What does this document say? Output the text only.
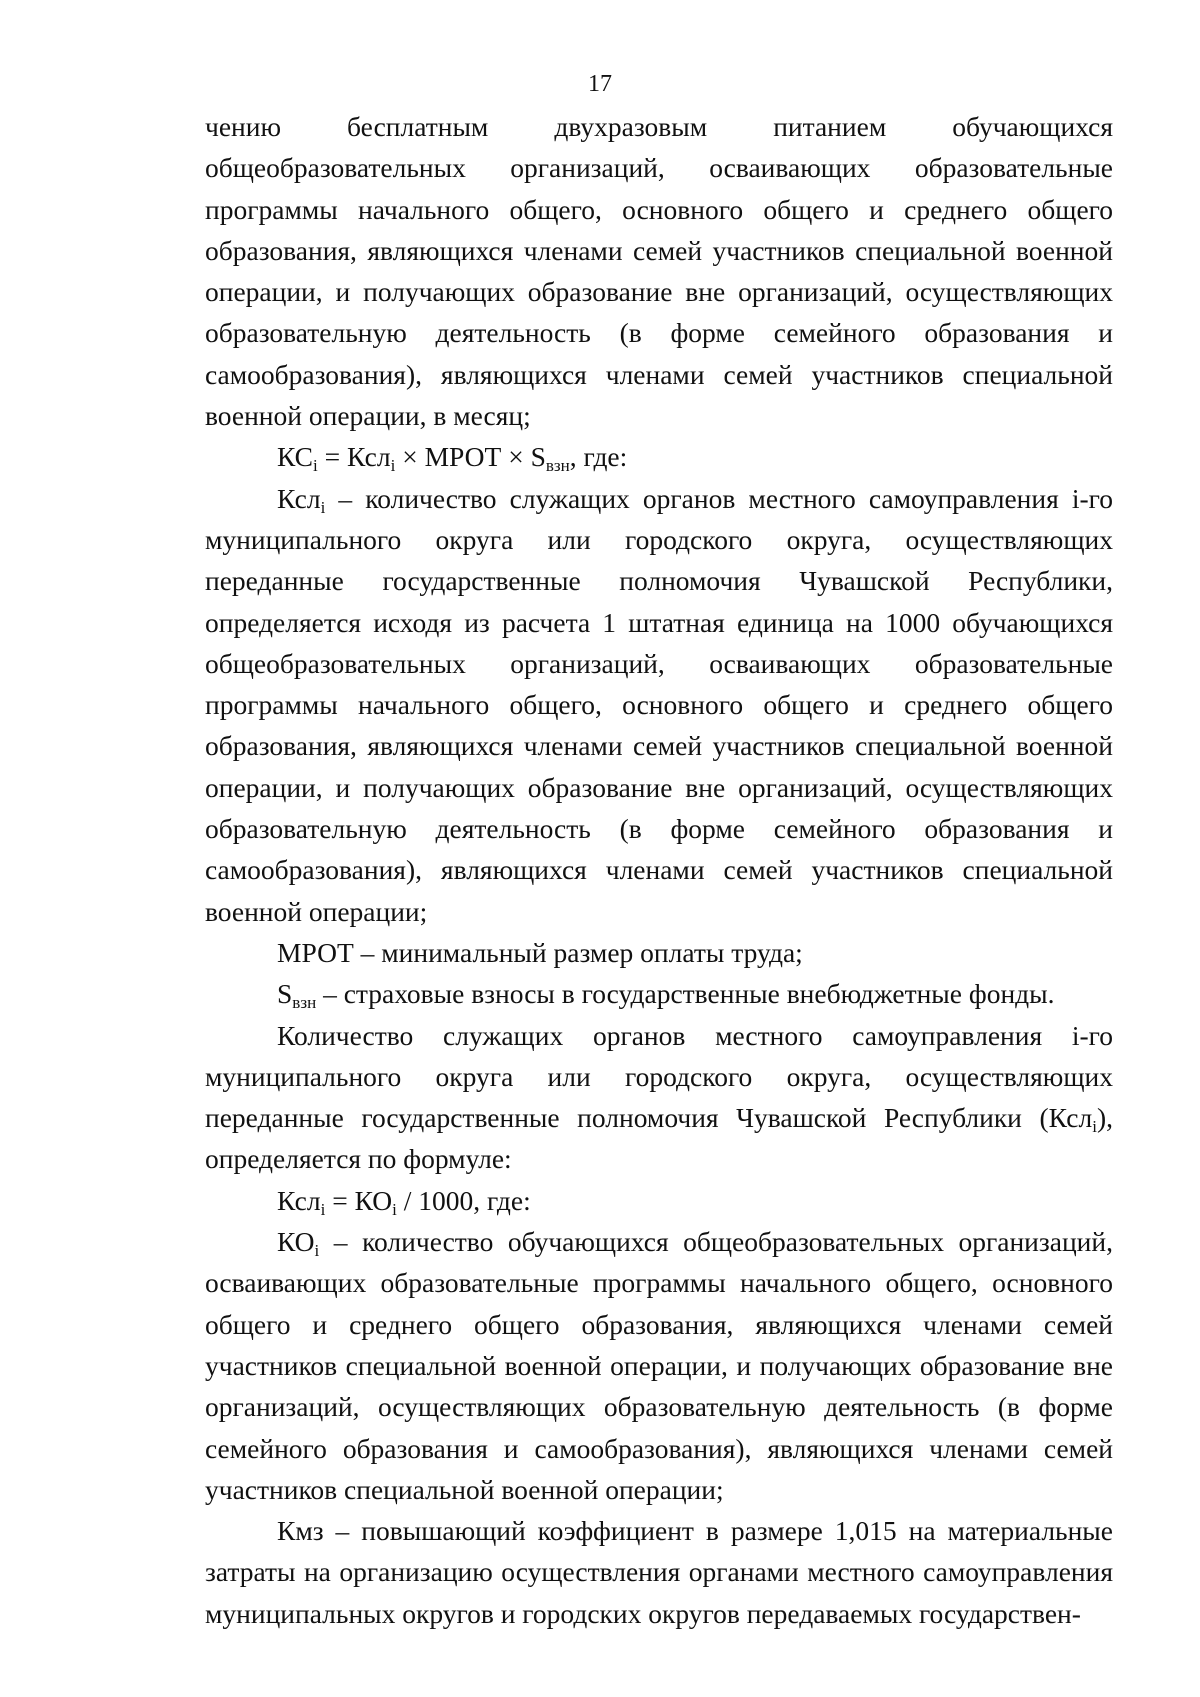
17

чению бесплатным двухразовым питанием обучающихся общеобразовательных организаций, осваивающих образовательные программы начального общего, основного общего и среднего общего образования, являющихся членами семей участников специальной военной операции, и получающих образование вне организаций, осуществляющих образовательную деятельность (в форме семейного образования и самообразования), являющихся членами семей участников специальной военной операции, в месяц;

$КС_i = Ксл_i$ × МРОТ × $S_{взн}$, где:

Ксл$_i$ – количество служащих органов местного самоуправления i-го муниципального округа или городского округа, осуществляющих переданные государственные полномочия Чувашской Республики, определяется исходя из расчета 1 штатная единица на 1000 обучающихся общеобразовательных организаций, осваивающих образовательные программы начального общего, основного общего и среднего общего образования, являющихся членами семей участников специальной военной операции, и получающих образование вне организаций, осуществляющих образовательную деятельность (в форме семейного образования и самообразования), являющихся членами семей участников специальной военной операции;

МРОТ – минимальный размер оплаты труда;

$S_{взн}$ – страховые взносы в государственные внебюджетные фонды.

Количество служащих органов местного самоуправления i-го муниципального округа или городского округа, осуществляющих переданные государственные полномочия Чувашской Республики (Ксл$_i$), определяется по формуле:

$Ксл_i = КО_i / 1000$, где:

$КО_i$ – количество обучающихся общеобразовательных организаций, осваивающих образовательные программы начального общего, основного общего и среднего общего образования, являющихся членами семей участников специальной военной операции, и получающих образование вне организаций, осуществляющих образовательную деятельность (в форме семейного образования и самообразования), являющихся членами семей участников специальной военной операции;

Кмз – повышающий коэффициент в размере 1,015 на материальные затраты на организацию осуществления органами местного самоуправления муниципальных округов и городских округов передаваемых государствен-
